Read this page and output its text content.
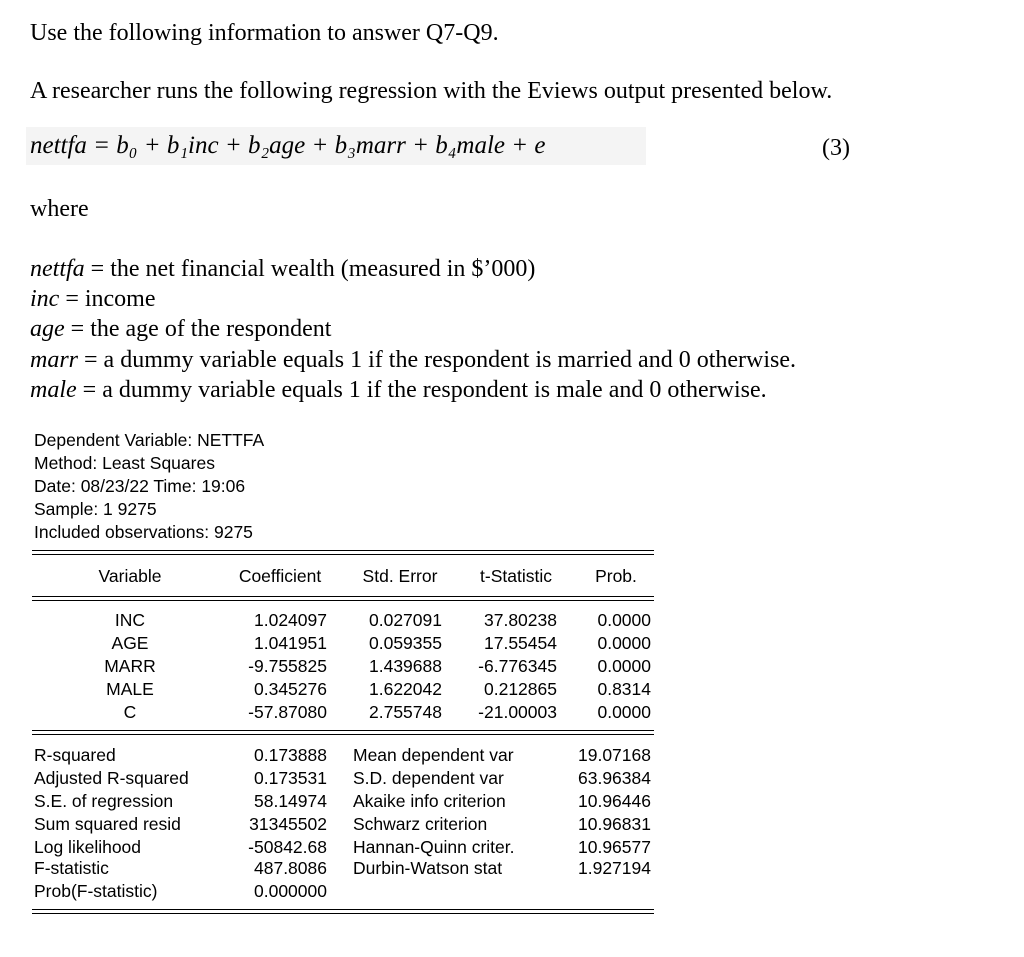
Use the following information to answer Q7-Q9.
A researcher runs the following regression with the Eviews output presented below.
nettfa = b₀ + b₁inc + b₂age + b₃marr + b₄male + e	(3)
where
nettfa = the net financial wealth (measured in $’000)
inc = income
age = the age of the respondent
marr = a dummy variable equals 1 if the respondent is married and 0 otherwise.
male = a dummy variable equals 1 if the respondent is male and 0 otherwise.
Dependent Variable: NETTFA
Method: Least Squares
Date: 08/23/22 Time: 19:06
Sample: 1 9275
Included observations: 9275
Variable	Coefficient	Std. Error	t-Statistic	Prob.
INC	1.024097 0.027091 37.80238 0.0000
AGE	1.041951 0.059355 17.55454 0.0000
MARR	-9.755825 1.439688 -6.776345 0.0000
MALE	0.345276 1.622042 0.212865 0.8314
C	-57.87080 2.755748 -21.00003 0.0000
R-squared	0.173888 Mean dependent var	19.07168
Adjusted R-squared	0.173531 S.D. dependent var	63.96384
S.E. of regression	58.14974 Akaike info criterion	10.96446
Sum squared resid	31345502 Schwarz criterion	10.96831
Log likelihood	-50842.68 Hannan-Quinn criter.	10.96577
F-statistic	487.8086 Durbin-Watson stat	1.927194
Prob(F-statistic)	0.000000
